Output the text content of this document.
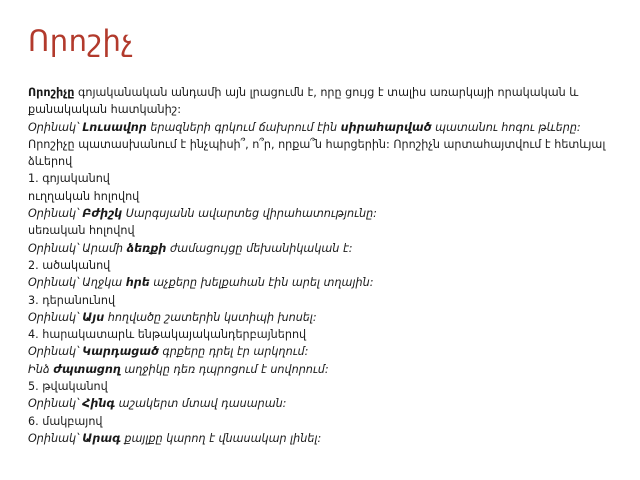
Որոշիչ
Որոշիչը գոյականական անդամի այն լրացումն է, որը ցույց է տալիս առարկայի որակական և քանակական հատկանիշ:
Օրինակ՝ Լուսավոր երազների գրկում ճախրում էին սիրահարված պատանու հոգու թևերը:
Որոշիչը պատասխանում է ինչպիսի՞, ո՞ր, որքա՞ն հարցերին: Որոշիչն արտահայտվում է հետևյալ ձևերով
1. գոյականով
ուղղական հոլովով
Օրինակ՝ Բժիշկ Սարգսյանն ավարտեց վիրահատությունը:
սեռական հոլովով
Օրինակ՝ Արամի ձեռքի ժամացույցը մեխանիկական է:
2. ածականով
Օրինակ՝ Աղջկա հրե աչքերը խելքահան էին արել տղային:
3. դերանունով
Օրինակ՝ Այս հողվածը շատերին կստիպի խոսել:
4. հարակատարև ենթակայականդերբայներով
Օրինակ՝ Կարդացած գրքերը դրել էր արկղում:
Ինձ ժպտացող աղջիկը դեռ դպրոցում է սովորում:
5. թվականով
Օրինակ՝ Հինգ աշակերտ մտավ դասարան:
6. մակբայով
Օրինակ՝ Արագ քայլքը կարող է վնասակար լինել:
